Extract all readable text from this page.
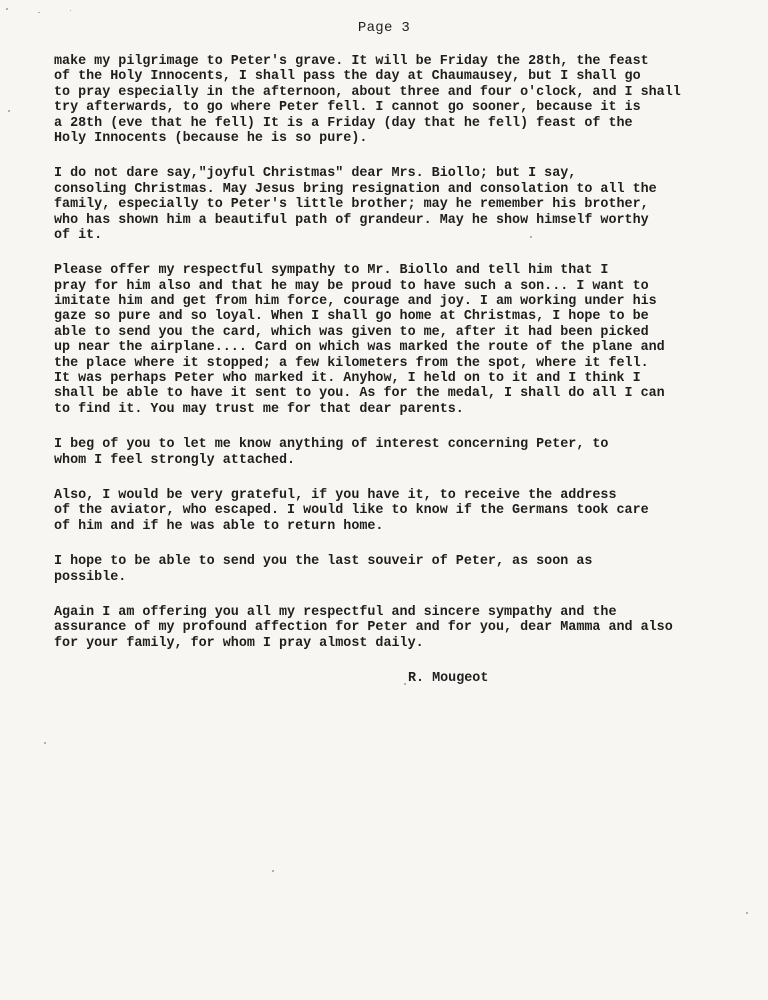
Page 3

make my pilgrimage to Peter's grave. It will be Friday the 28th, the feast
of the Holy Innocents, I shall pass the day at Chaumausey, but I shall go
to pray especially in the afternoon, about three and four o'clock, and I shall
try afterwards, to go where Peter fell. I cannot go sooner, because it is
a 28th (eve that he fell) It is a Friday (day that he fell) feast of the
Holy Innocents (because he is so pure).

I do not dare say,"joyful Christmas" dear Mrs. Biollo; but I say,
consoling Christmas. May Jesus bring resignation and consolation to all the
family, especially to Peter's little brother; may he remember his brother,
who has shown him a beautiful path of grandeur. May he show himself worthy
of it.

Please offer my respectful sympathy to Mr. Biollo and tell him that I
pray for him also and that he may be proud to have such a son... I want to
imitate him and get from him force, courage and joy. I am working under his
gaze so pure and so loyal. When I shall go home at Christmas, I hope to be
able to send you the card, which was given to me, after it had been picked
up near the airplane.... Card on which was marked the route of the plane and
the place where it stopped; a few kilometers from the spot, where it fell.
It was perhaps Peter who marked it. Anyhow, I held on to it and I think I
shall be able to have it sent to you. As for the medal, I shall do all I can
to find it. You may trust me for that dear parents.

I beg of you to let me know anything of interest concerning Peter, to
whom I feel strongly attached.

Also, I would be very grateful, if you have it, to receive the address
of the aviator, who escaped. I would like to know if the Germans took care
of him and if he was able to return home.

I hope to be able to send you the last souveir of Peter, as soon as
possible.

Again I am offering you all my respectful and sincere sympathy and the
assurance of my profound affection for Peter and for you, dear Mamma and also
for your family, for whom I pray almost daily.

R. Mougeot
